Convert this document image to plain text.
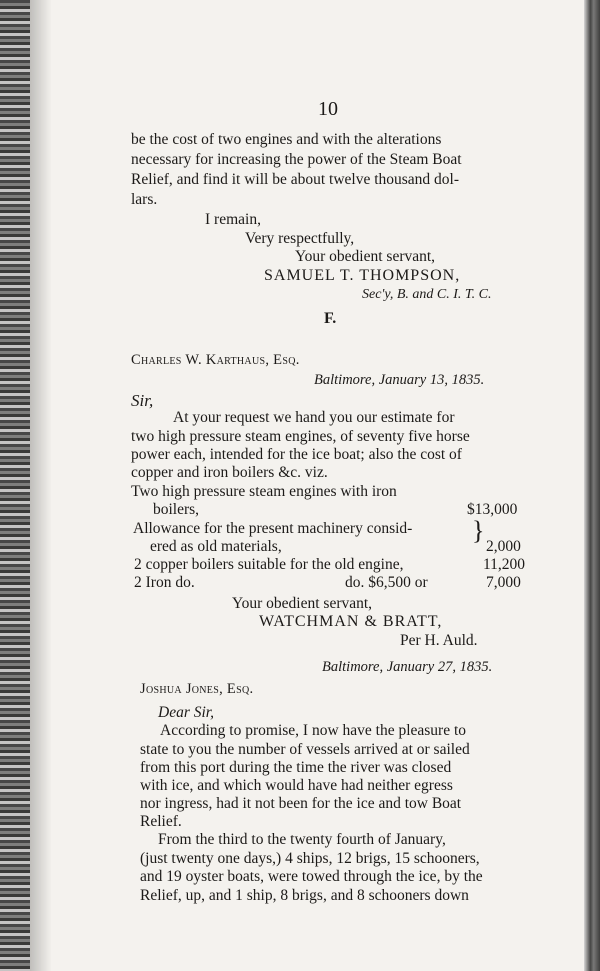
10
be the cost of two engines and with the alterations
necessary for increasing the power of the Steam Boat
Relief, and find it will be about twelve thousand dol-
lars.
I remain,
Very respectfully,
Your obedient servant,
SAMUEL T. THOMPSON,
Sec'y, B. and C. I. T. C.
F.
Charles W. Karthaus, Esq.
Baltimore, January 13, 1835.
Sir,
At your request we hand you our estimate for
two high pressure steam engines, of seventy five horse
power each, intended for the ice boat; also the cost of
copper and iron boilers &c. viz.
Two high pressure steam engines with iron
boilers,	$13,000
Allowance for the present machinery consid- }
ered as old materials,	2,000
2 copper boilers suitable for the old engine,	11,200
2 Iron do.	do. $6,500 or	7,000
Your obedient servant,
WATCHMAN & BRATT,
Per H. Auld.
Baltimore, January 27, 1835.
Joshua Jones, Esq.
Dear Sir,
According to promise, I now have the pleasure to
state to you the number of vessels arrived at or sailed
from this port during the time the river was closed
with ice, and which would have had neither egress
nor ingress, had it not been for the ice and tow Boat
Relief.
From the third to the twenty fourth of January,
(just twenty one days,) 4 ships, 12 brigs, 15 schooners,
and 19 oyster boats, were towed through the ice, by the
Relief, up, and 1 ship, 8 brigs, and 8 schooners down
